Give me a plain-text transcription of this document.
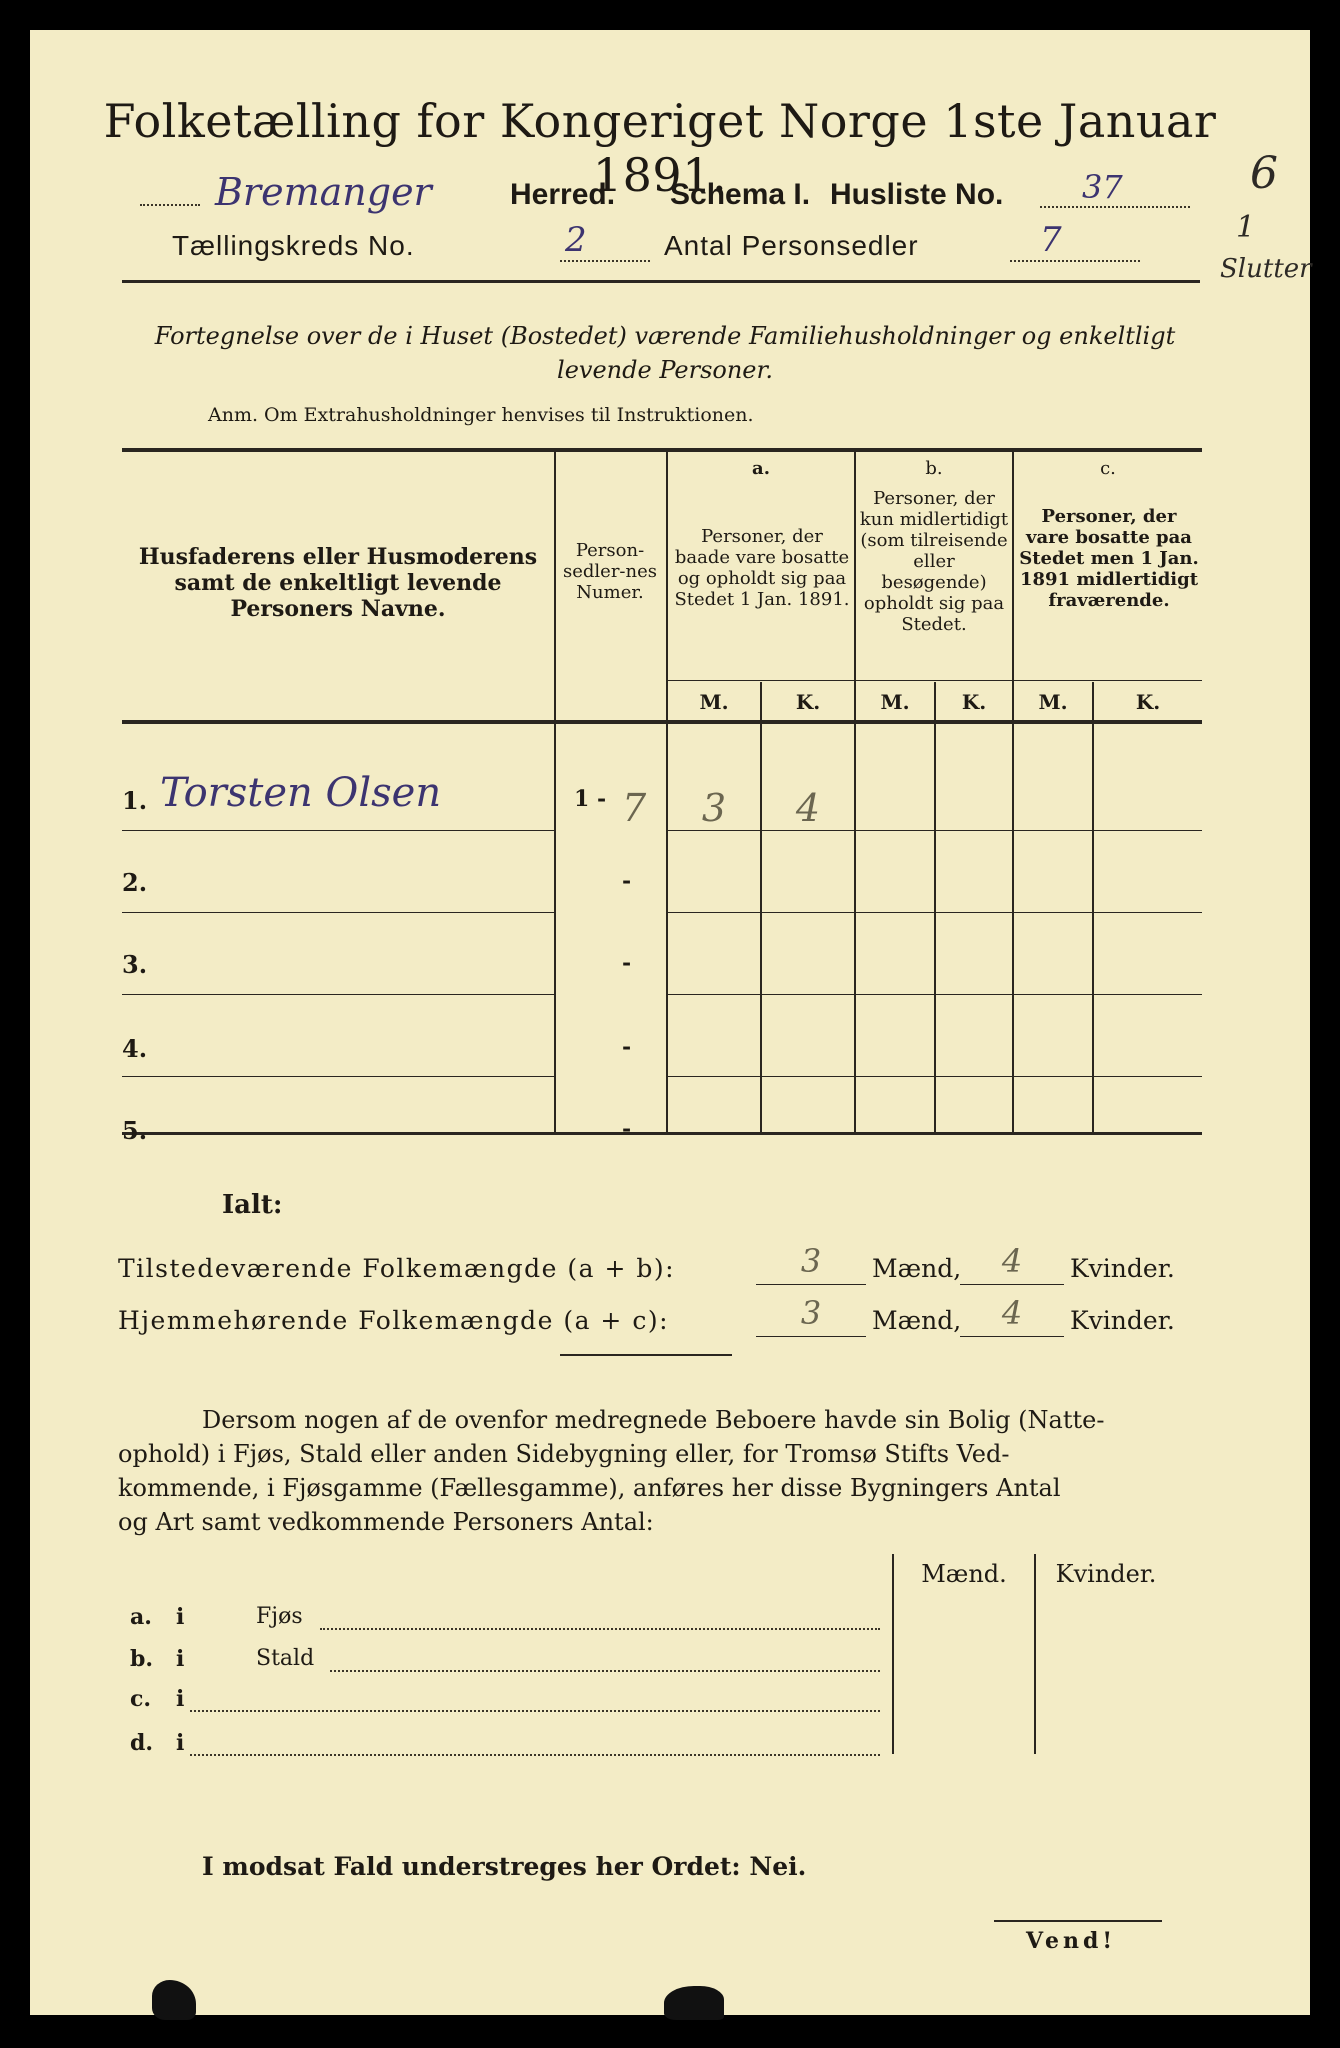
Folketælling for Kongeriget Norge 1ste Januar 1891.
Bremanger	Herred. Schema I. Husliste No. 37
Tællingskreds No.	2	Antal Personsedler	7
6
1
Slutter
Fortegnelse over de i Huset (Bostedet) værende Familiehusholdninger og enkeltligt
levende Personer.
Anm. Om Extrahusholdninger henvises til Instruktionen.
Husfaderens eller Husmoderens samt de enkeltligt levende Personers Navne.
Person-sedler-nes Numer.
a.
Personer, der baade vare bosatte og opholdt sig paa Stedet 1 Jan. 1891.
b.
Personer, der kun midlertidigt (som tilreisende eller besøgende) opholdt sig paa Stedet.
c.
Personer, der vare bosatte paa Stedet men 1 Jan. 1891 midlertidigt fraværende.
M.	K.	M.	K.	M.	K.
1. Torsten Olsen	1 - 7	3	4
2.	-
3.	-
4.	-
5.	-
Ialt:
Tilstedeværende Folkemængde (a + b):	3	Mænd,	4	Kvinder.
Hjemmehørende Folkemængde (a + c):	3	Mænd,	4	Kvinder.
Dersom nogen af de ovenfor medregnede Beboere havde sin Bolig (Natte-
ophold) i Fjøs, Stald eller anden Sidebygning eller, for Tromsø Stifts Ved-
kommende, i Fjøsgamme (Fællesgamme), anføres her disse Bygningers Antal
og Art samt vedkommende Personers Antal:
Mænd.	Kvinder.
a. i	Fjøs
b. i	Stald
c. i
d. i
I modsat Fald understreges her Ordet: Nei.
Vend!
